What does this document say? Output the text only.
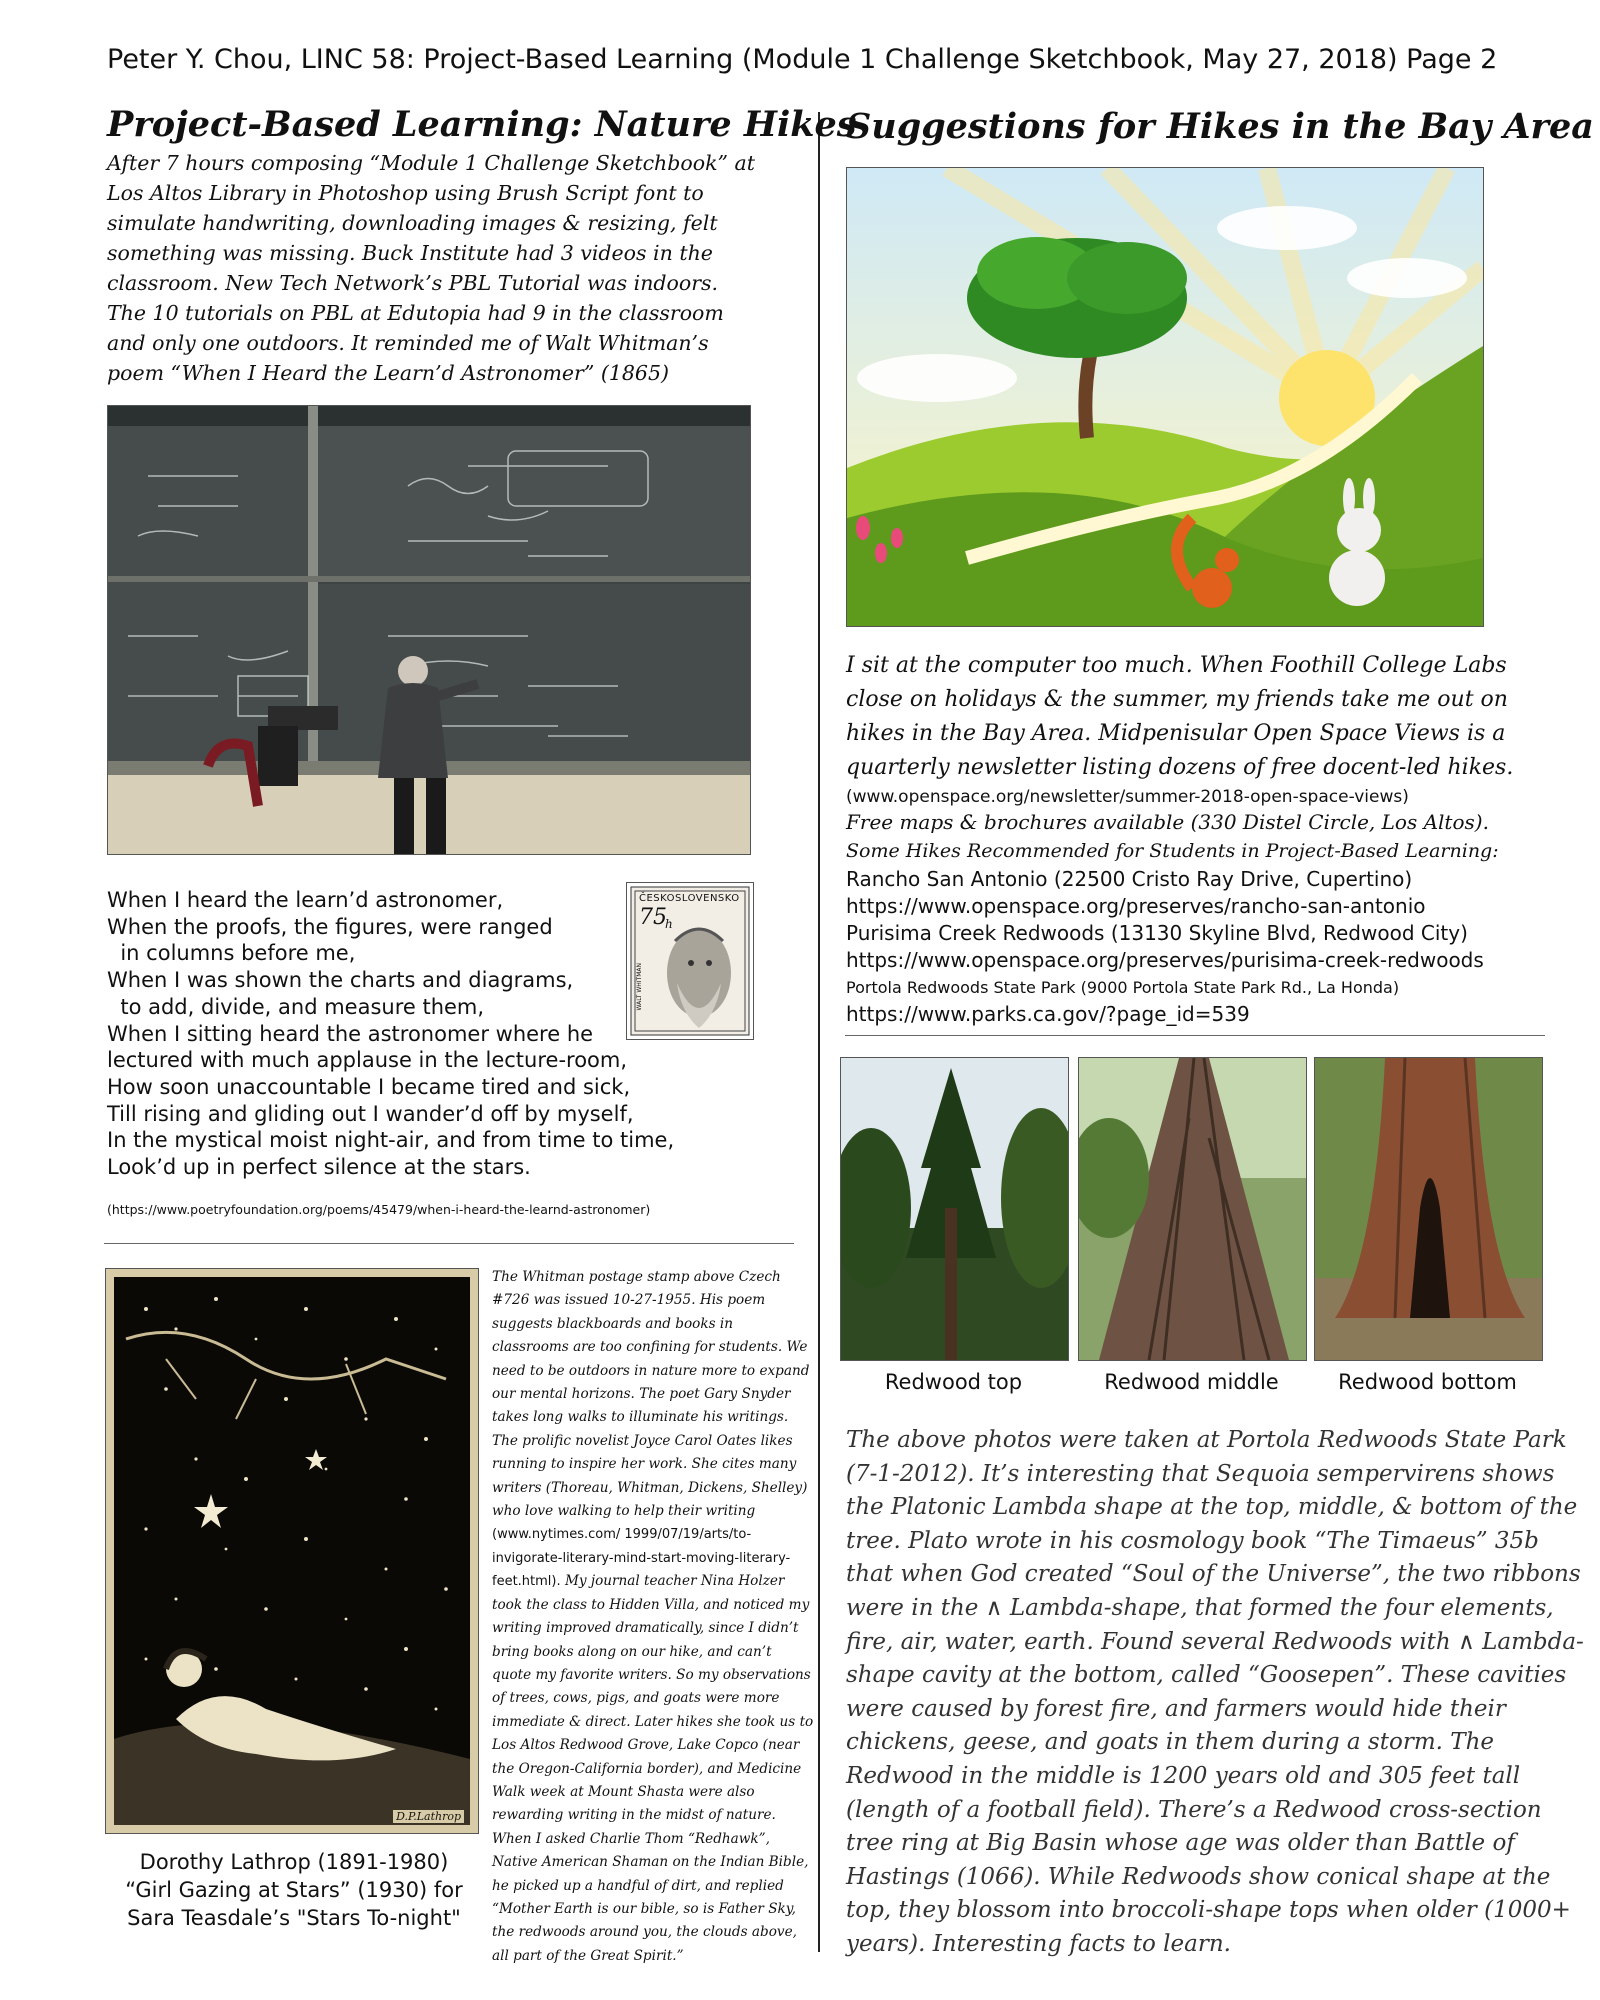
Peter Y. Chou, LINC 58: Project-Based Learning (Module 1 Challenge Sketchbook, May 27, 2018) Page 2
Project-Based Learning: Nature Hikes
After 7 hours composing “Module 1 Challenge Sketchbook” at Los Altos Library in Photoshop using Brush Script font to simulate handwriting, downloading images & resizing, felt something was missing. Buck Institute had 3 videos in the classroom. New Tech Network’s PBL Tutorial was indoors. The 10 tutorials on PBL at Edutopia had 9 in the classroom and only one outdoors. It reminded me of Walt Whitman’s poem “When I Heard the Learn’d Astronomer” (1865)
ČESKOSLOVENSKO
75
h
WALT WHITMAN
When I heard the learn’d astronomer,
When the proofs, the figures, were ranged
in columns before me,
When I was shown the charts and diagrams,
to add, divide, and measure them,
When I sitting heard the astronomer where he
lectured with much applause in the lecture-room,
How soon unaccountable I became tired and sick,
Till rising and gliding out I wander’d off by myself,
In the mystical moist night-air, and from time to time,
Look’d up in perfect silence at the stars.
(https://www.poetryfoundation.org/poems/45479/when-i-heard-the-learnd-astronomer)
D.P.Lathrop
Dorothy Lathrop (1891-1980)
“Girl Gazing at Stars” (1930) for
Sara Teasdale’s "Stars To-night"
The Whitman postage stamp above Czech #726 was issued 10-27-1955. His poem suggests blackboards and books in classrooms are too confining for students. We need to be outdoors in nature more to expand our mental horizons. The poet Gary Snyder takes long walks to illuminate his writings. The prolific novelist Joyce Carol Oates likes running to inspire her work. She cites many writers (Thoreau, Whitman, Dickens, Shelley) who love walking to help their writing (www.nytimes.com/ 1999/07/19/arts/to-invigorate-literary-mind-start-moving-literary-feet.html). My journal teacher Nina Holzer took the class to Hidden Villa, and noticed my writing improved dramatically, since I didn’t bring books along on our hike, and can’t quote my favorite writers. So my observations of trees, cows, pigs, and goats were more immediate & direct. Later hikes she took us to Los Altos Redwood Grove, Lake Copco (near the Oregon-California border), and Medicine Walk week at Mount Shasta were also rewarding writing in the midst of nature. When I asked Charlie Thom “Redhawk”, Native American Shaman on the Indian Bible, he picked up a handful of dirt, and replied “Mother Earth is our bible, so is Father Sky, the redwoods around you, the clouds above, all part of the Great Spirit.”
Suggestions for Hikes in the Bay Area
I sit at the computer too much. When Foothill College Labs close on holidays & the summer, my friends take me out on hikes in the Bay Area. Midpenisular Open Space Views is a quarterly newsletter listing dozens of free docent-led hikes.
(www.openspace.org/newsletter/summer-2018-open-space-views)
Free maps & brochures available (330 Distel Circle, Los Altos).
Some Hikes Recommended for Students in Project-Based Learning:
Rancho San Antonio (22500 Cristo Ray Drive, Cupertino)
https://www.openspace.org/preserves/rancho-san-antonio
Purisima Creek Redwoods (13130 Skyline Blvd, Redwood City)
https://www.openspace.org/preserves/purisima-creek-redwoods
Portola Redwoods State Park (9000 Portola State Park Rd., La Honda)
https://www.parks.ca.gov/?page_id=539
Redwood top	Redwood middle	Redwood bottom
The above photos were taken at Portola Redwoods State Park (7-1-2012). It’s interesting that Sequoia sempervirens shows the Platonic Lambda shape at the top, middle, & bottom of the tree. Plato wrote in his cosmology book “The Timaeus” 35b that when God created “Soul of the Universe”, the two ribbons were in the ∧ Lambda-shape, that formed the four elements, fire, air, water, earth. Found several Redwoods with ∧ Lambda-shape cavity at the bottom, called “Goosepen”. These cavities were caused by forest fire, and farmers would hide their chickens, geese, and goats in them during a storm. The Redwood in the middle is 1200 years old and 305 feet tall (length of a football field). There’s a Redwood cross-section tree ring at Big Basin whose age was older than Battle of Hastings (1066). While Redwoods show conical shape at the top, they blossom into broccoli-shape tops when older (1000+ years). Interesting facts to learn.
